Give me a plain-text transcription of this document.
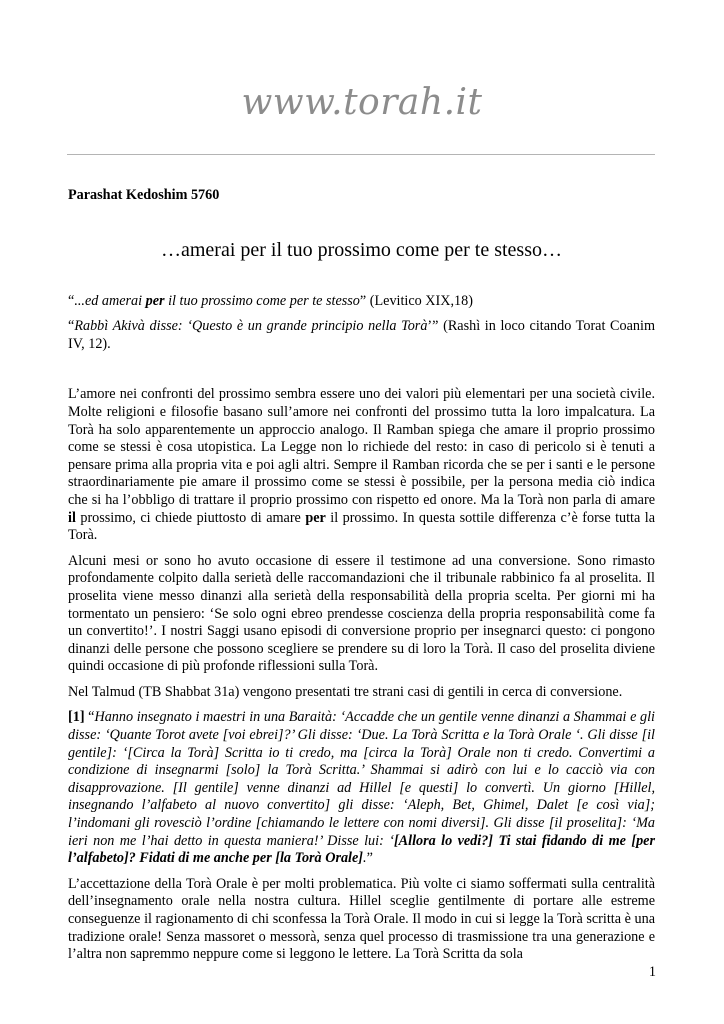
www.torah.it

Parashat Kedoshim 5760

…amerai per il tuo prossimo come per te stesso…

“...ed amerai per il tuo prossimo come per te stesso” (Levitico XIX,18)

“Rabbì Akivà disse: ‘Questo è un grande principio nella Torà’” (Rashì in loco citando Torat Coanim IV, 12).

L’amore nei confronti del prossimo sembra essere uno dei valori più elementari per una società civile. Molte religioni e filosofie basano sull’amore nei confronti del prossimo tutta la loro impalcatura. La Torà ha solo apparentemente un approccio analogo. Il Ramban spiega che amare il proprio prossimo come se stessi è cosa utopistica. La Legge non lo richiede del resto: in caso di pericolo si è tenuti a pensare prima alla propria vita e poi agli altri. Sempre il Ramban ricorda che se per i santi e le persone straordinariamente pie amare il prossimo come se stessi è possibile, per la persona media ciò indica che si ha l’obbligo di trattare il proprio prossimo con rispetto ed onore. Ma la Torà non parla di amare il prossimo, ci chiede piuttosto di amare per il prossimo. In questa sottile differenza c’è forse tutta la Torà.

Alcuni mesi or sono ho avuto occasione di essere il testimone ad una conversione. Sono rimasto profondamente colpito dalla serietà delle raccomandazioni che il tribunale rabbinico fa al proselita. Il proselita viene messo dinanzi alla serietà della responsabilità della propria scelta. Per giorni mi ha tormentato un pensiero: ‘Se solo ogni ebreo prendesse coscienza della propria responsabilità come fa un convertito!’. I nostri Saggi usano episodi di conversione proprio per insegnarci questo: ci pongono dinanzi delle persone che possono scegliere se prendere su di loro la Torà. Il caso del proselita diviene quindi occasione di più profonde riflessioni sulla Torà.

Nel Talmud (TB Shabbat 31a) vengono presentati tre strani casi di gentili in cerca di conversione.

[1] “Hanno insegnato i maestri in una Baraità: ‘Accadde che un gentile venne dinanzi a Shammai e gli disse: ‘Quante Torot avete [voi ebrei]?’ Gli disse: ‘Due. La Torà Scritta e la Torà Orale ‘. Gli disse [il gentile]: ‘[Circa la Torà] Scritta io ti credo, ma [circa la Torà] Orale non ti credo. Convertimi a condizione di insegnarmi [solo] la Torà Scritta.’ Shammai si adirò con lui e lo cacciò via con disapprovazione. [Il gentile] venne dinanzi ad Hillel [e questi] lo convertì. Un giorno [Hillel, insegnando l’alfabeto al nuovo convertito] gli disse: ‘Aleph, Bet, Ghimel, Dalet [e così via]; l’indomani gli rovesciò l’ordine [chiamando le lettere con nomi diversi]. Gli disse [il proselita]: ‘Ma ieri non me l’hai detto in questa maniera!’ Disse lui: ‘[Allora lo vedi?] Ti stai fidando di me [per l’alfabeto]? Fidati di me anche per [la Torà Orale].”

L’accettazione della Torà Orale è per molti problematica. Più volte ci siamo soffermati sulla centralità dell’insegnamento orale nella nostra cultura. Hillel sceglie gentilmente di portare alle estreme conseguenze il ragionamento di chi sconfessa la Torà Orale. Il modo in cui si legge la Torà scritta è una tradizione orale! Senza massoret o messorà, senza quel processo di trasmissione tra una generazione e l’altra non sapremmo neppure come si leggono le lettere. La Torà Scritta da sola

1
